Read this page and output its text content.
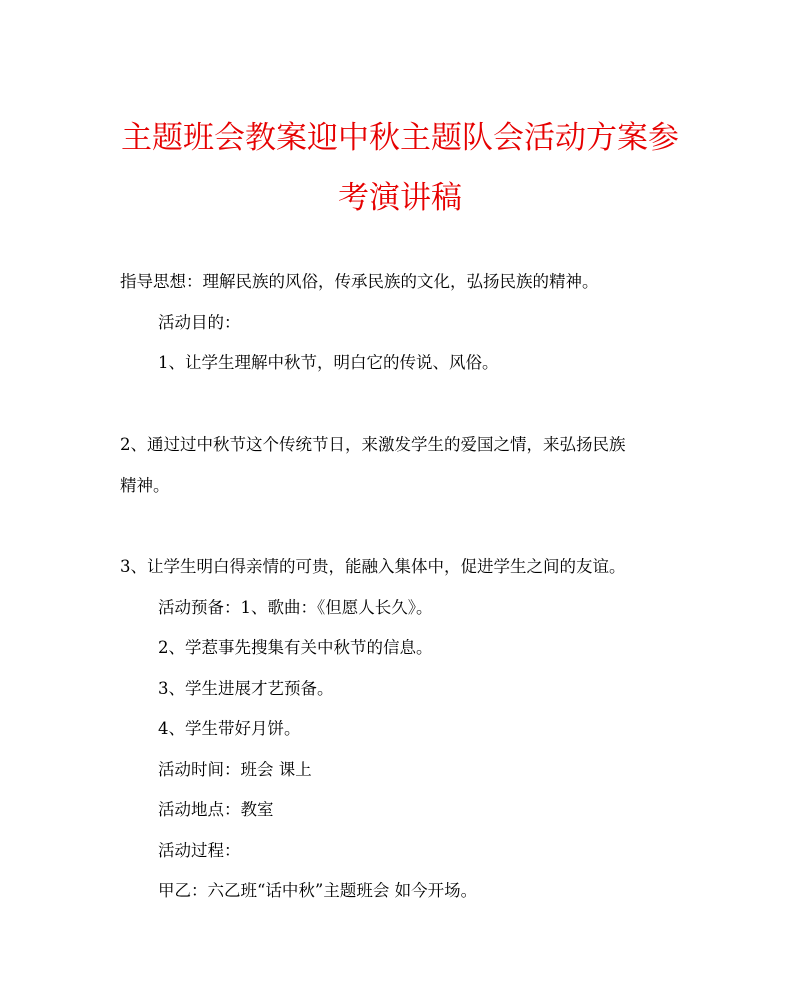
主题班会教案迎中秋主题队会活动方案参
考演讲稿
指导思想：理解民族的风俗，传承民族的文化，弘扬民族的精神。
活动目的：
1、让学生理解中秋节，明白它的传说、风俗。
2、通过过中秋节这个传统节日，来激发学生的爱国之情，来弘扬民族
精神。
3、让学生明白得亲情的可贵，能融入集体中，促进学生之间的友谊。
活动预备：1、歌曲：《但愿人长久》。
2、学惹事先搜集有关中秋节的信息。
3、学生进展才艺预备。
4、学生带好月饼。
活动时间：班会 课上
活动地点：教室
活动过程：
甲乙：六乙班“话中秋”主题班会 如今开场。
